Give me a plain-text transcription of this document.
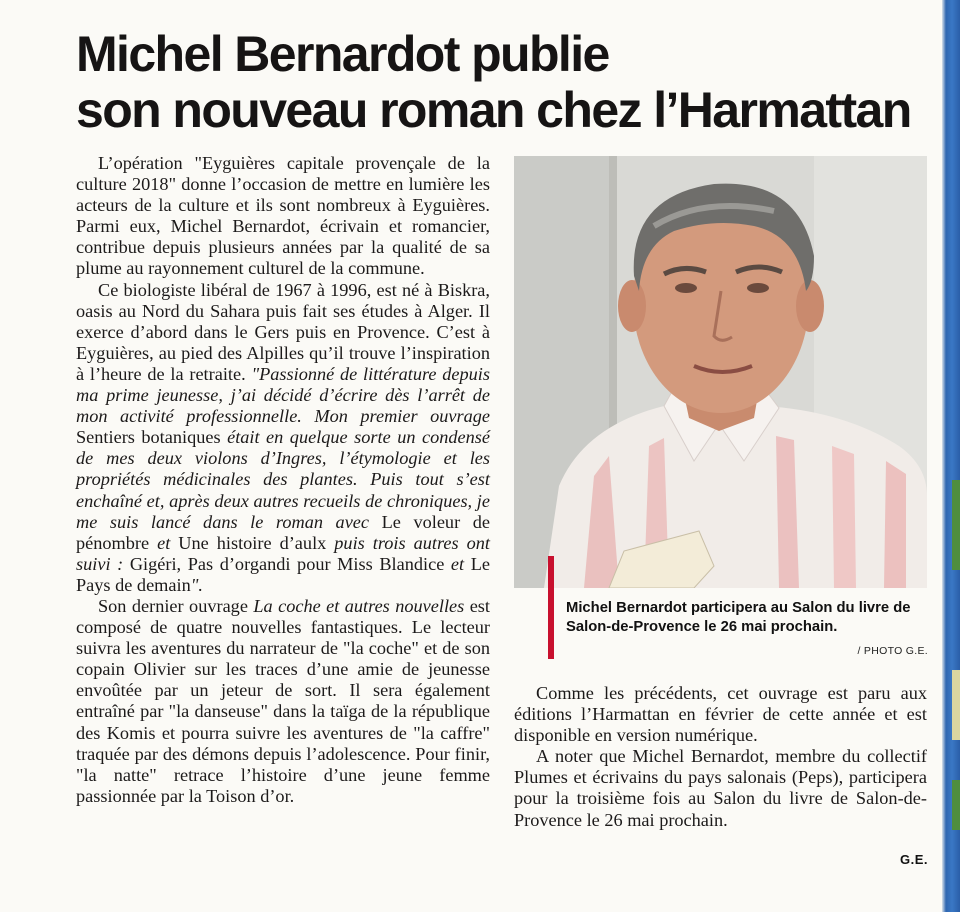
Michel Bernardot publie
son nouveau roman chez l’Harmattan

L’opération "Eyguières capitale provençale de la culture 2018" donne l’occasion de mettre en lumière les acteurs de la culture et ils sont nombreux à Eyguières. Parmi eux, Michel Bernardot, écrivain et romancier, contribue depuis plusieurs années par la qualité de sa plume au rayonnement culturel de la commune.

Ce biologiste libéral de 1967 à 1996, est né à Biskra, oasis au Nord du Sahara puis fait ses études à Alger. Il exerce d’abord dans le Gers puis en Provence. C’est à Eyguières, au pied des Alpilles qu’il trouve l’inspiration à l’heure de la retraite. "Passionné de littérature depuis ma prime jeunesse, j’ai décidé d’écrire dès l’arrêt de mon activité professionnelle. Mon premier ouvrage Sentiers botaniques était en quelque sorte un condensé de mes deux violons d’Ingres, l’étymologie et les propriétés médicinales des plantes. Puis tout s’est enchaîné et, après deux autres recueils de chroniques, je me suis lancé dans le roman avec Le voleur de pénombre et Une histoire d’aulx puis trois autres ont suivi : Gigéri, Pas d’organdi pour Miss Blandice et Le Pays de demain".

Son dernier ouvrage La coche et autres nouvelles est composé de quatre nouvelles fantastiques. Le lecteur suivra les aventures du narrateur de "la coche" et de son copain Olivier sur les traces d’une amie de jeunesse envoûtée par un jeteur de sort. Il sera également entraîné par "la danseuse" dans la taïga de la république des Komis et pourra suivre les aventures de "la caffre" traquée par des démons depuis l’adolescence. Pour finir, "la natte" retrace l’histoire d’une jeune femme passionnée par la Toison d’or.

Michel Bernardot participera au Salon du livre de Salon-de-Provence le 26 mai prochain.

/ PHOTO G.E.

Comme les précédents, cet ouvrage est paru aux éditions l’Harmattan en février de cette année et est disponible en version numérique.

A noter que Michel Bernardot, membre du collectif Plumes et écrivains du pays salonais (Peps), participera pour la troisième fois au Salon du livre de Salon-de-Provence le 26 mai prochain.

G.E.
